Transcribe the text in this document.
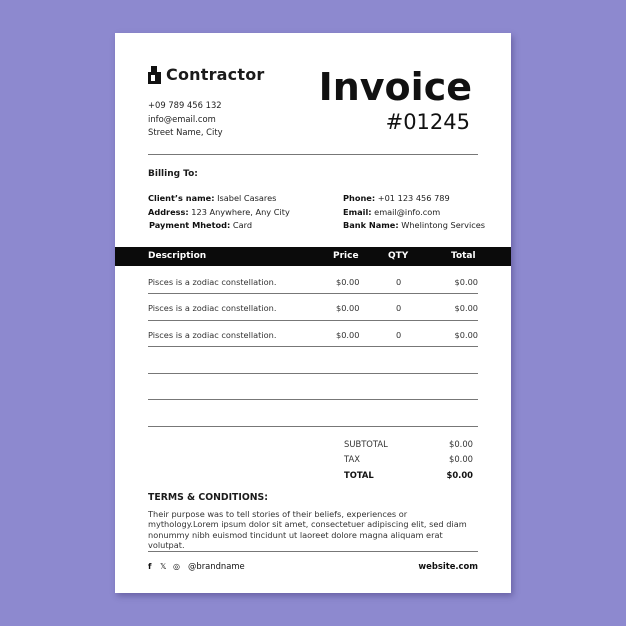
Contractor
+09 789 456 132
info@email.com
Street Name, City
Invoice
#01245
Billing To:
Client’s name: Isabel Casares
Address: 123 Anywhere, Any City
Payment Mhetod: Card
Phone: +01 123 456 789
Email: email@info.com
Bank Name: Whelintong Services
Description	Price	QTY	Total
Pisces is a zodiac constellation.	$0.00	0	$0.00
Pisces is a zodiac constellation.	$0.00	0	$0.00
Pisces is a zodiac constellation.	$0.00	0	$0.00
SUBTOTAL	$0.00
TAX	$0.00
TOTAL	$0.00
TERMS & CONDITIONS:
Their purpose was to tell stories of their beliefs, experiences or mythology.Lorem ipsum dolor sit amet, consectetuer adipiscing elit, sed diam nonummy nibh euismod tincidunt ut laoreet dolore magna aliquam erat volutpat.
f	𝕏 ◎ @brandname	website.com
